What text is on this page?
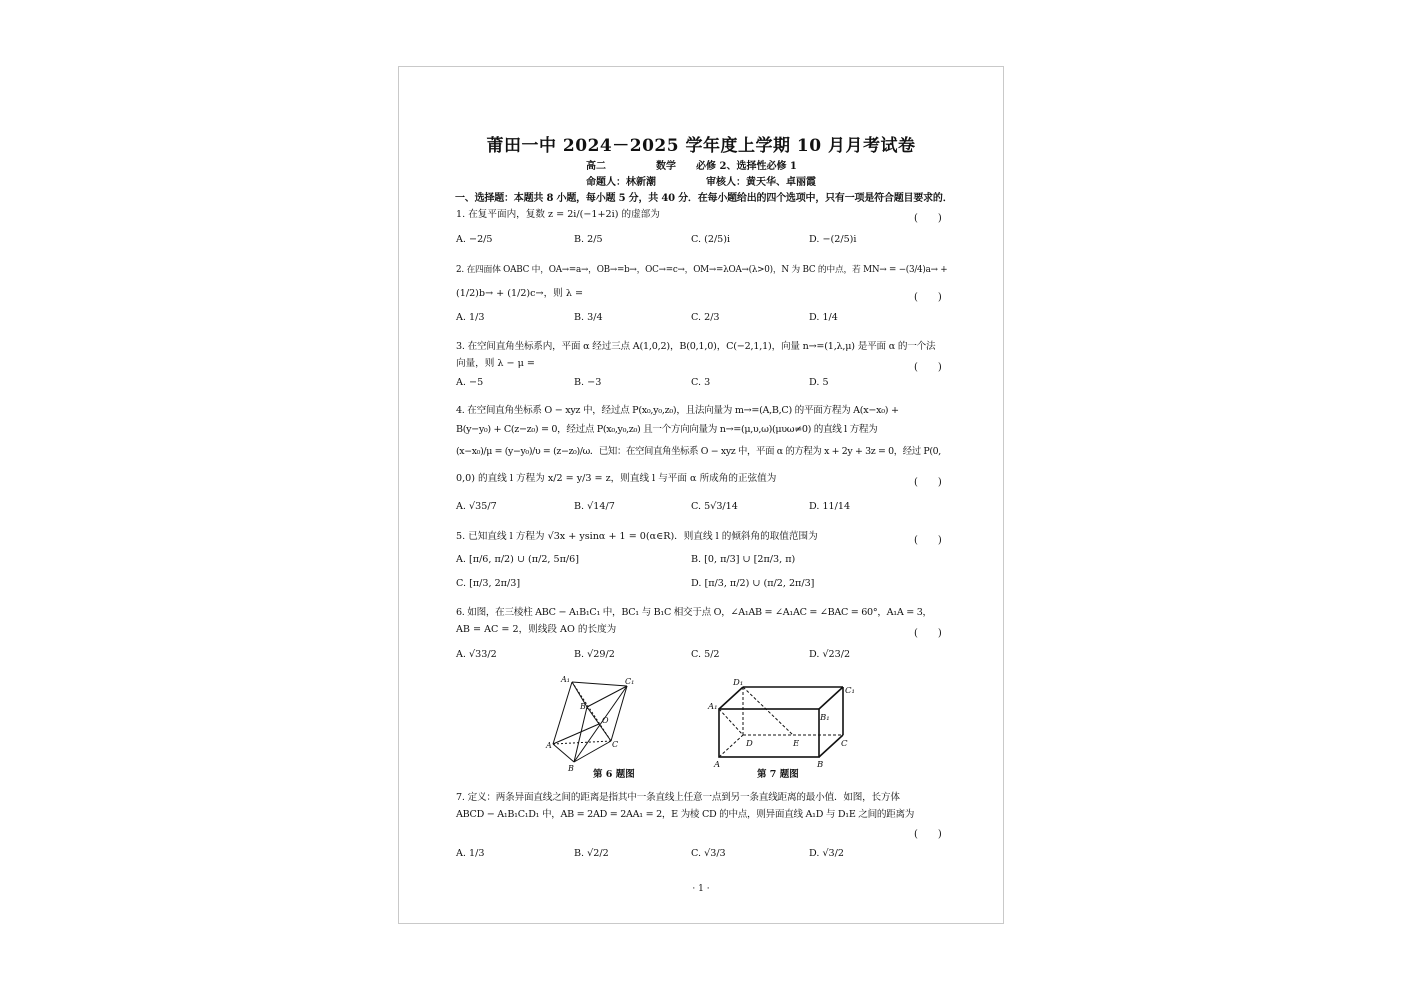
莆田一中 2024－2025 学年度上学期 10 月月考试卷
高二　　　　　数学　　必修 2、选择性必修 1
命题人：林新潮　　　　　审核人：黄天华、卓丽霞
一、选择题：本题共 8 小题，每小题 5 分，共 40 分．在每小题给出的四个选项中，只有一项是符合题目要求的．
1. 在复平面内，复数 z = 2i/(−1+2i) 的虚部为	(　　)
A. −2/5	B. 2/5	C. (2/5)i	D. −(2/5)i
2. 在四面体 OABC 中，OA→=a→，OB→=b→，OC→=c→，OM→=λOA→(λ>0)，N 为 BC 的中点，若 MN→ = −(3/4)a→ +
(1/2)b→ + (1/2)c→，则 λ =	(　　)
A. 1/3	B. 3/4	C. 2/3	D. 1/4
3. 在空间直角坐标系内，平面 α 经过三点 A(1,0,2)，B(0,1,0)，C(−2,1,1)，向量 n→=(1,λ,μ) 是平面 α 的一个法
向量，则 λ − μ =	(　　)
A. −5	B. −3	C. 3	D. 5
4. 在空间直角坐标系 O − xyz 中，经过点 P(x₀,y₀,z₀)，且法向量为 m→=(A,B,C) 的平面方程为 A(x−x₀) +
B(y−y₀) + C(z−z₀) = 0，经过点 P(x₀,y₀,z₀) 且一个方向向量为 n→=(μ,υ,ω)(μυω≠0) 的直线 l 方程为
(x−x₀)/μ = (y−y₀)/υ = (z−z₀)/ω．已知：在空间直角坐标系 O − xyz 中，平面 α 的方程为 x + 2y + 3z = 0，经过 P(0,
0,0) 的直线 l 方程为 x/2 = y/3 = z，则直线 l 与平面 α 所成角的正弦值为	(　　)
A. √35/7	B. √14/7	C. 5√3/14	D. 11/14
5. 已知直线 l 方程为 √3x + ysinα + 1 = 0(α∈R)．则直线 l 的倾斜角的取值范围为	(　　)
A. [π/6, π/2) ∪ (π/2, 5π/6]	B. [0, π/3] ∪ [2π/3, π)
C. [π/3, 2π/3]	D. [π/3, π/2) ∪ (π/2, 2π/3]
6. 如图，在三棱柱 ABC − A₁B₁C₁ 中，BC₁ 与 B₁C 相交于点 O，∠A₁AB = ∠A₁AC = ∠BAC = 60°，A₁A = 3，
AB = AC = 2，则线段 AO 的长度为	(　　)
A. √33/2	B. √29/2	C. 5/2	D. √23/2
A₁	C₁
B₁
O
A	C
B
第 6 题图
D₁
C₁
A₁
B₁
D	E	C
A	B
第 7 题图
7. 定义：两条异面直线之间的距离是指其中一条直线上任意一点到另一条直线距离的最小值．如图，长方体
ABCD − A₁B₁C₁D₁ 中，AB = 2AD = 2AA₁ = 2，E 为棱 CD 的中点，则异面直线 A₁D 与 D₁E 之间的距离为
(　　)
A. 1/3	B. √2/2	C. √3/3	D. √3/2
· 1 ·
